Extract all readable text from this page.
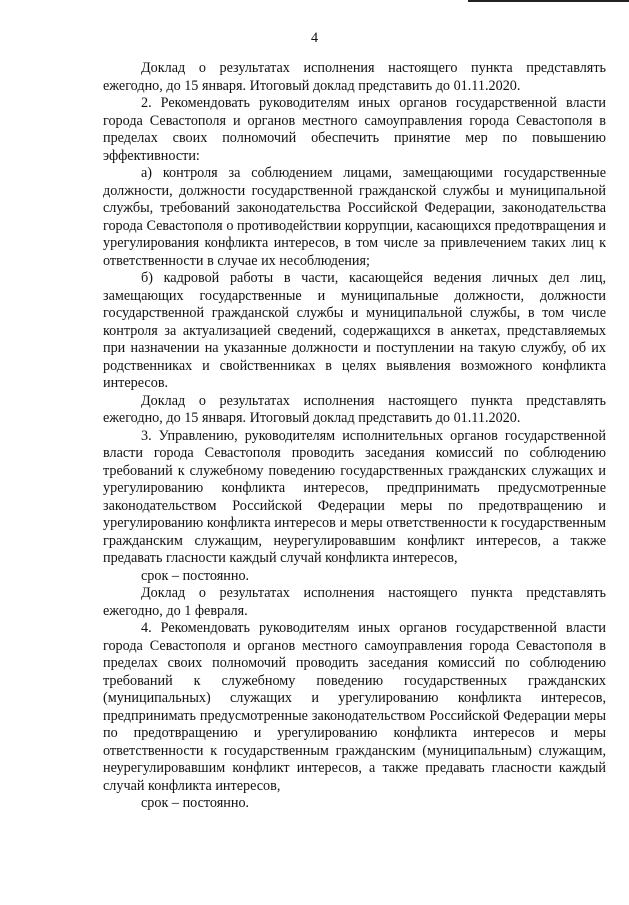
4

Доклад о результатах исполнения настоящего пункта представлять ежегодно, до 15 января. Итоговый доклад представить до 01.11.2020.

2. Рекомендовать руководителям иных органов государственной власти города Севастополя и органов местного самоуправления города Севастополя в пределах своих полномочий обеспечить принятие мер по повышению эффективности:

а) контроля за соблюдением лицами, замещающими государственные должности, должности государственной гражданской службы и муниципальной службы, требований законодательства Российской Федерации, законодательства города Севастополя о противодействии коррупции, касающихся предотвращения и урегулирования конфликта интересов, в том числе за привлечением таких лиц к ответственности в случае их несоблюдения;

б) кадровой работы в части, касающейся ведения личных дел лиц, замещающих государственные и муниципальные должности, должности государственной гражданской службы и муниципальной службы, в том числе контроля за актуализацией сведений, содержащихся в анкетах, представляемых при назначении на указанные должности и поступлении на такую службу, об их родственниках и свойственниках в целях выявления возможного конфликта интересов.

Доклад о результатах исполнения настоящего пункта представлять ежегодно, до 15 января. Итоговый доклад представить до 01.11.2020.

3. Управлению, руководителям исполнительных органов государственной власти города Севастополя проводить заседания комиссий по соблюдению требований к служебному поведению государственных гражданских служащих и урегулированию конфликта интересов, предпринимать предусмотренные законодательством Российской Федерации меры по предотвращению и урегулированию конфликта интересов и меры ответственности к государственным гражданским служащим, неурегулировавшим конфликт интересов, а также предавать гласности каждый случай конфликта интересов,

срок – постоянно.

Доклад о результатах исполнения настоящего пункта представлять ежегодно, до 1 февраля.

4. Рекомендовать руководителям иных органов государственной власти города Севастополя и органов местного самоуправления города Севастополя в пределах своих полномочий проводить заседания комиссий по соблюдению требований к служебному поведению государственных гражданских (муниципальных) служащих и урегулированию конфликта интересов, предпринимать предусмотренные законодательством Российской Федерации меры по предотвращению и урегулированию конфликта интересов и меры ответственности к государственным гражданским (муниципальным) служащим, неурегулировавшим конфликт интересов, а также предавать гласности каждый случай конфликта интересов,

срок – постоянно.
